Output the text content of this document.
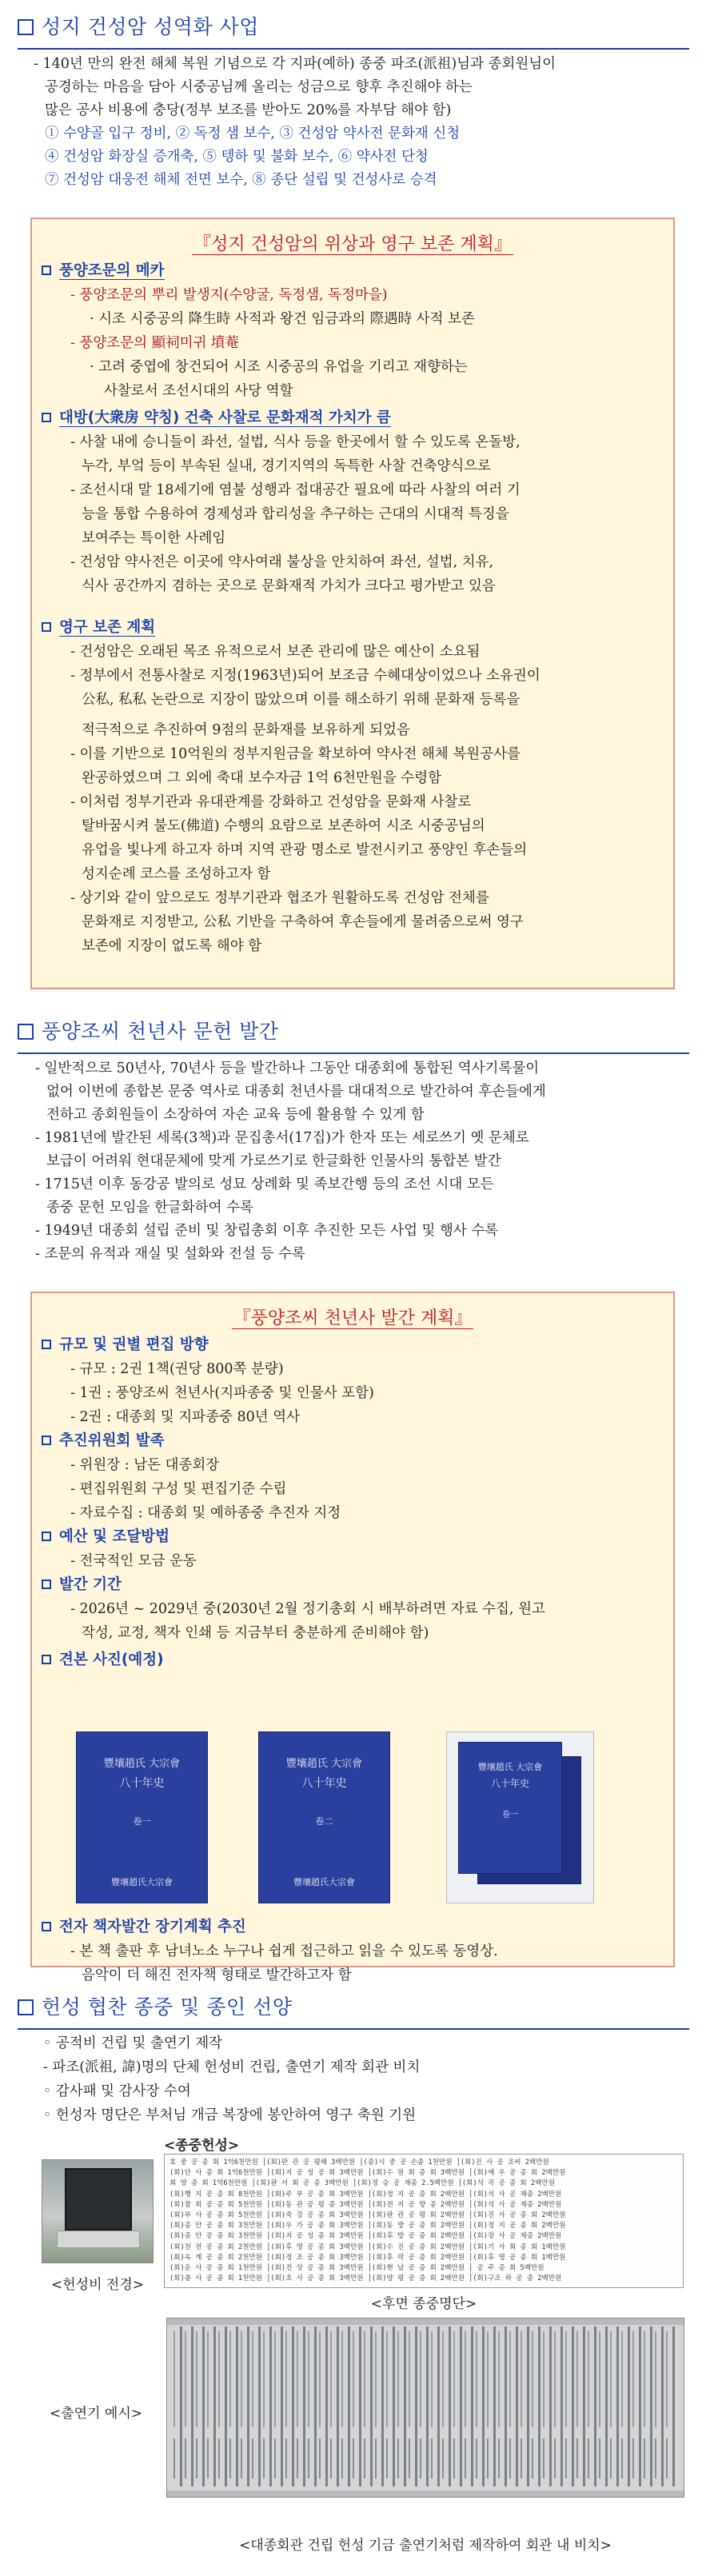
성지 건성암 성역화 사업
- 140년 만의 완전 해체 복원 기념으로 각 지파(예하) 종중 파조(派祖)님과 종회원님이
공경하는 마음을 담아 시중공님께 올리는 성금으로 향후 추진해야 하는
많은 공사 비용에 충당(정부 보조를 받아도 20%를 자부담 해야 함)
① 수양골 입구 정비, ② 독정 샘 보수, ③ 건성암 약사전 문화재 신청
④ 건성암 화장실 증개축, ⑤ 텡하 및 불화 보수, ⑥ 약사전 단청
⑦ 건성암 대웅전 해체 전면 보수, ⑧ 종단 설립 및 건성사로 승격
『성지 건성암의 위상과 영구 보존 계획』
풍양조문의 메카
- 풍양조문의 뿌리 발생지(수양굴, 독정샘, 독정마을)
· 시조 시중공의 降生時 사적과 왕건 임금과의 際遇時 사적 보존
- 풍양조문의 顯祠미귀 墳菴
· 고려 중엽에 창건되어 시조 시중공의 유업을 기리고 재향하는
사찰로서 조선시대의 사당 역할
대방(大衆房 약칭) 건축 사찰로 문화재적 가치가 큼
- 사찰 내에 승니들이 좌선, 설법, 식사 등을 한곳에서 할 수 있도록 온돌방,
누각, 부엌 등이 부속된 실내, 경기지역의 독특한 사찰 건축양식으로
- 조선시대 말 18세기에 염불 성행과 접대공간 필요에 따라 사찰의 여러 기
능을 통합 수용하여 경제성과 합리성을 추구하는 근대의 시대적 특징을
보여주는 특이한 사례임
- 건성암 약사전은 이곳에 약사여래 불상을 안치하여 좌선, 설법, 치유,
식사 공간까지 겸하는 곳으로 문화재적 가치가 크다고 평가받고 있음
영구 보존 계획
- 건성암은 오래된 목조 유적으로서 보존 관리에 많은 예산이 소요됨
- 정부에서 전통사찰로 지정(1963년)되어 보조금 수혜대상이었으나 소유권이
公私, 私私 논란으로 지장이 많았으며 이를 해소하기 위해 문화재 등록을
적극적으로 추진하여 9점의 문화재를 보유하게 되었음
- 이를 기반으로 10억원의 정부지원금을 확보하여 약사전 해체 복원공사를
완공하였으며 그 외에 축대 보수자금 1억 6천만원을 수령함
- 이처럼 정부기관과 유대관계를 강화하고 건성암을 문화재 사찰로
탈바꿈시켜 불도(佛道) 수행의 요람으로 보존하여 시조 시중공님의
유업을 빛나게 하고자 하며 지역 관광 명소로 발전시키고 풍양인 후손들의
성지순례 코스를 조성하고자 함
- 상기와 같이 앞으로도 정부기관과 협조가 원활하도록 건성암 전체를
문화재로 지정받고, 公私 기반을 구축하여 후손들에게 물려줌으로써 영구
보존에 지장이 없도록 해야 함
풍양조씨 천년사 문헌 발간
- 일반적으로 50년사, 70년사 등을 발간하나 그동안 대종회에 통합된 역사기록물이
없어 이번에 종합본 문중 역사로 대종회 천년사를 대대적으로 발간하여 후손들에게
전하고 종회원들이 소장하여 자손 교육 등에 활용할 수 있게 함
- 1981년에 발간된 세록(3책)과 문집총서(17집)가 한자 또는 세로쓰기 옛 문체로
보급이 어려워 현대문체에 맞게 가로쓰기로 한글화한 인물사의 통합본 발간
- 1715년 이후 동강공 발의로 성묘 상례화 및 족보간행 등의 조선 시대 모든
종중 문헌 모임을 한글화하여 수록
- 1949년 대종회 설립 준비 및 창립총회 이후 추진한 모든 사업 및 행사 수록
- 조문의 유적과 재실 및 설화와 전설 등 수록
『풍양조씨 천년사 발간 계획』
규모 및 권별 편집 방향
- 규모 : 2권 1책(권당 800쪽 분량)
- 1권 : 풍양조씨 천년사(지파종중 및 인물사 포함)
- 2권 : 대종회 및 지파종중 80년 역사
추진위원회 발족
- 위원장 : 남돈 대종회장
- 편집위원회 구성 및 편집기준 수립
- 자료수집 : 대종회 및 예하종중 추진자 지정
예산 및 조달방법
- 전국적인 모금 운동
발간 기간
- 2026년 ~ 2029년 중(2030년 2월 정기총회 시 배부하려면 자료 수집, 원고
작성, 교정, 책자 인쇄 등 지금부터 충분하게 준비해야 함)
견본 사진(예정)
豐壤趙氏 大宗會
八十年史
卷一
豐壤趙氏大宗會
豐壤趙氏 大宗會
八十年史
卷二
豐壤趙氏大宗會
豐壤趙氏 大宗會
八十年史
卷一
전자 책자발간 장기계획 추진
- 본 책 출판 후 남녀노소 누구나 쉽게 접근하고 읽을 수 있도록 동영상.
음악이 더 해진 전자책 형태로 발간하고자 함
헌성 협찬 종중 및 종인 선양
◦ 공적비 건립 및 출연기 제작
- 파조(派祖, 諱)명의 단체 헌성비 건립, 출연기 제작 회관 비치
◦ 감사패 및 감사장 수여
◦ 헌성자 명단은 부처님 개금 복장에 봉안하여 영구 축원 기원
<종중헌성>
<헌성비 전경>
호 중 공 종 회 1억6천만원 │(회)판 관 공 평해 3백만원 │(종)시 중 공 손종 1천만원 │(회)진 사 공 조씨 2백만원
(회)단 사 종 회 1억6천만원 │(회)지 공 성 공 회 3백만원 │(회)수 원 회 종 회 3백만원 │(회)예 우 공 종 회 2백만원
회 양 종 회 1억6천만원 │(회)판 서 회 공 종 3백만원 │(회)정 승 공 재종 2.5백만원 │(회)석 곡 공 종 회 2백만원
(회)행 지 공 종 회 8천만원 │(회)주 부 공 종 회 3백만원 │(회)정 지 공 종 회 2백만원 │(회)석 사 공 재종 2백만원
(회)참 외 공 종 회 5천만원 │(회)동 관 공 평 종 3백만원 │(회)전 지 공 향 종 2백만원 │(회)석 사 공 재종 2백만원
(회)부 사 공 종 회 5천만원 │(회)죽 강 공 종 회 3백만원 │(회)판 관 공 평 회 2백만원 │(회)진 사 공 종 회 2백만원
(회)종 안 공 종 회 3천만원 │(회)우 가 공 종 회 3백만원 │(회)동 방 공 종 회 2백만원 │(회)정 지 공 종 회 2백만원
(회)종 안 공 종 회 3천만원 │(회)지 공 성 종 회 3백만원 │(회)후 방 공 종 회 2백만원 │(회)장 사 공 재종 2백만원
(회)천 전 공 종 회 2천만원 │(회)후 명 공 종 회 3백만원 │(회)수 진 공 종 회 2백만원 │(회)기 사 회 종 회 1백만원
(회)옥 계 공 종 회 2천만원 │(회)정 조 공 종 회 3백만원 │(회)후 락 공 종 회 2백만원 │(회)후 명 공 종 회 1백만원
(회)운 사 공 종 회 1천만원 │(회)진 상 공 종 회 3백만원 │(회)현 남 공 종 회 2백만원 │ 공 주 종 회 5백만원
(회)충 사 공 종 회 1천만원 │(회)초 사 공 종 회 3백만원 │(회)양 평 공 종 회 2백만원 │(회)구조 하 공 종 2백만원
<후면 종중명단>
<출연기 예시>
<대종회관 건립 헌성 기금 출연기처럼 제작하여 회관 내 비치>
